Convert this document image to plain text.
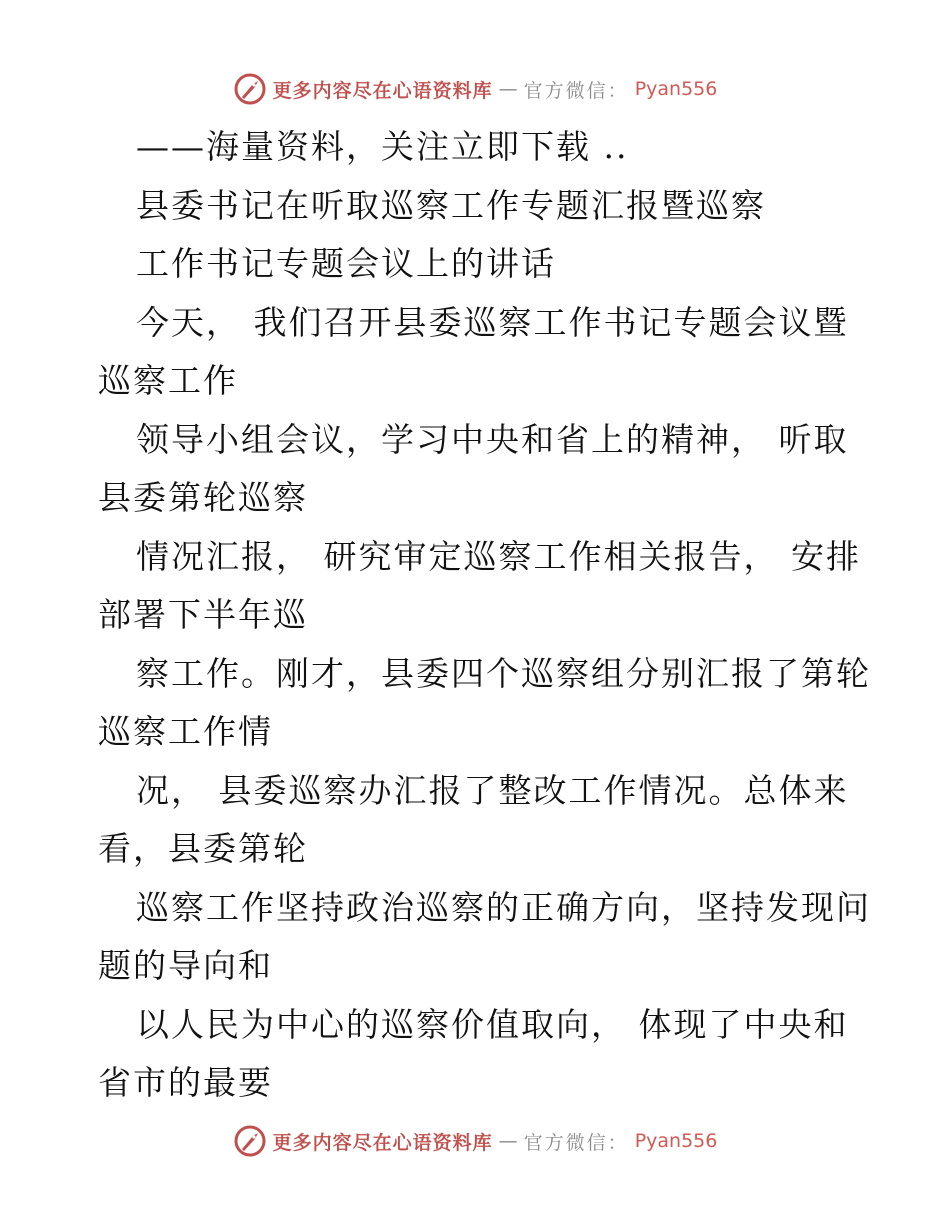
更多内容尽在心语资料库 — 官方微信： Pyan556
——海量资料，关注立即下载 ..
县委书记在听取巡察工作专题汇报暨巡察
工作书记专题会议上的讲话
今天， 我们召开县委巡察工作书记专题会议暨
巡察工作
领导小组会议，学习中央和省上的精神， 听取
县委第轮巡察
情况汇报， 研究审定巡察工作相关报告， 安排
部署下半年巡
察工作。刚才，县委四个巡察组分别汇报了第轮
巡察工作情
况， 县委巡察办汇报了整改工作情况。总体来
看，县委第轮
巡察工作坚持政治巡察的正确方向，坚持发现问
题的导向和
以人民为中心的巡察价值取向， 体现了中央和
省市的最要
更多内容尽在心语资料库 — 官方微信： Pyan556
